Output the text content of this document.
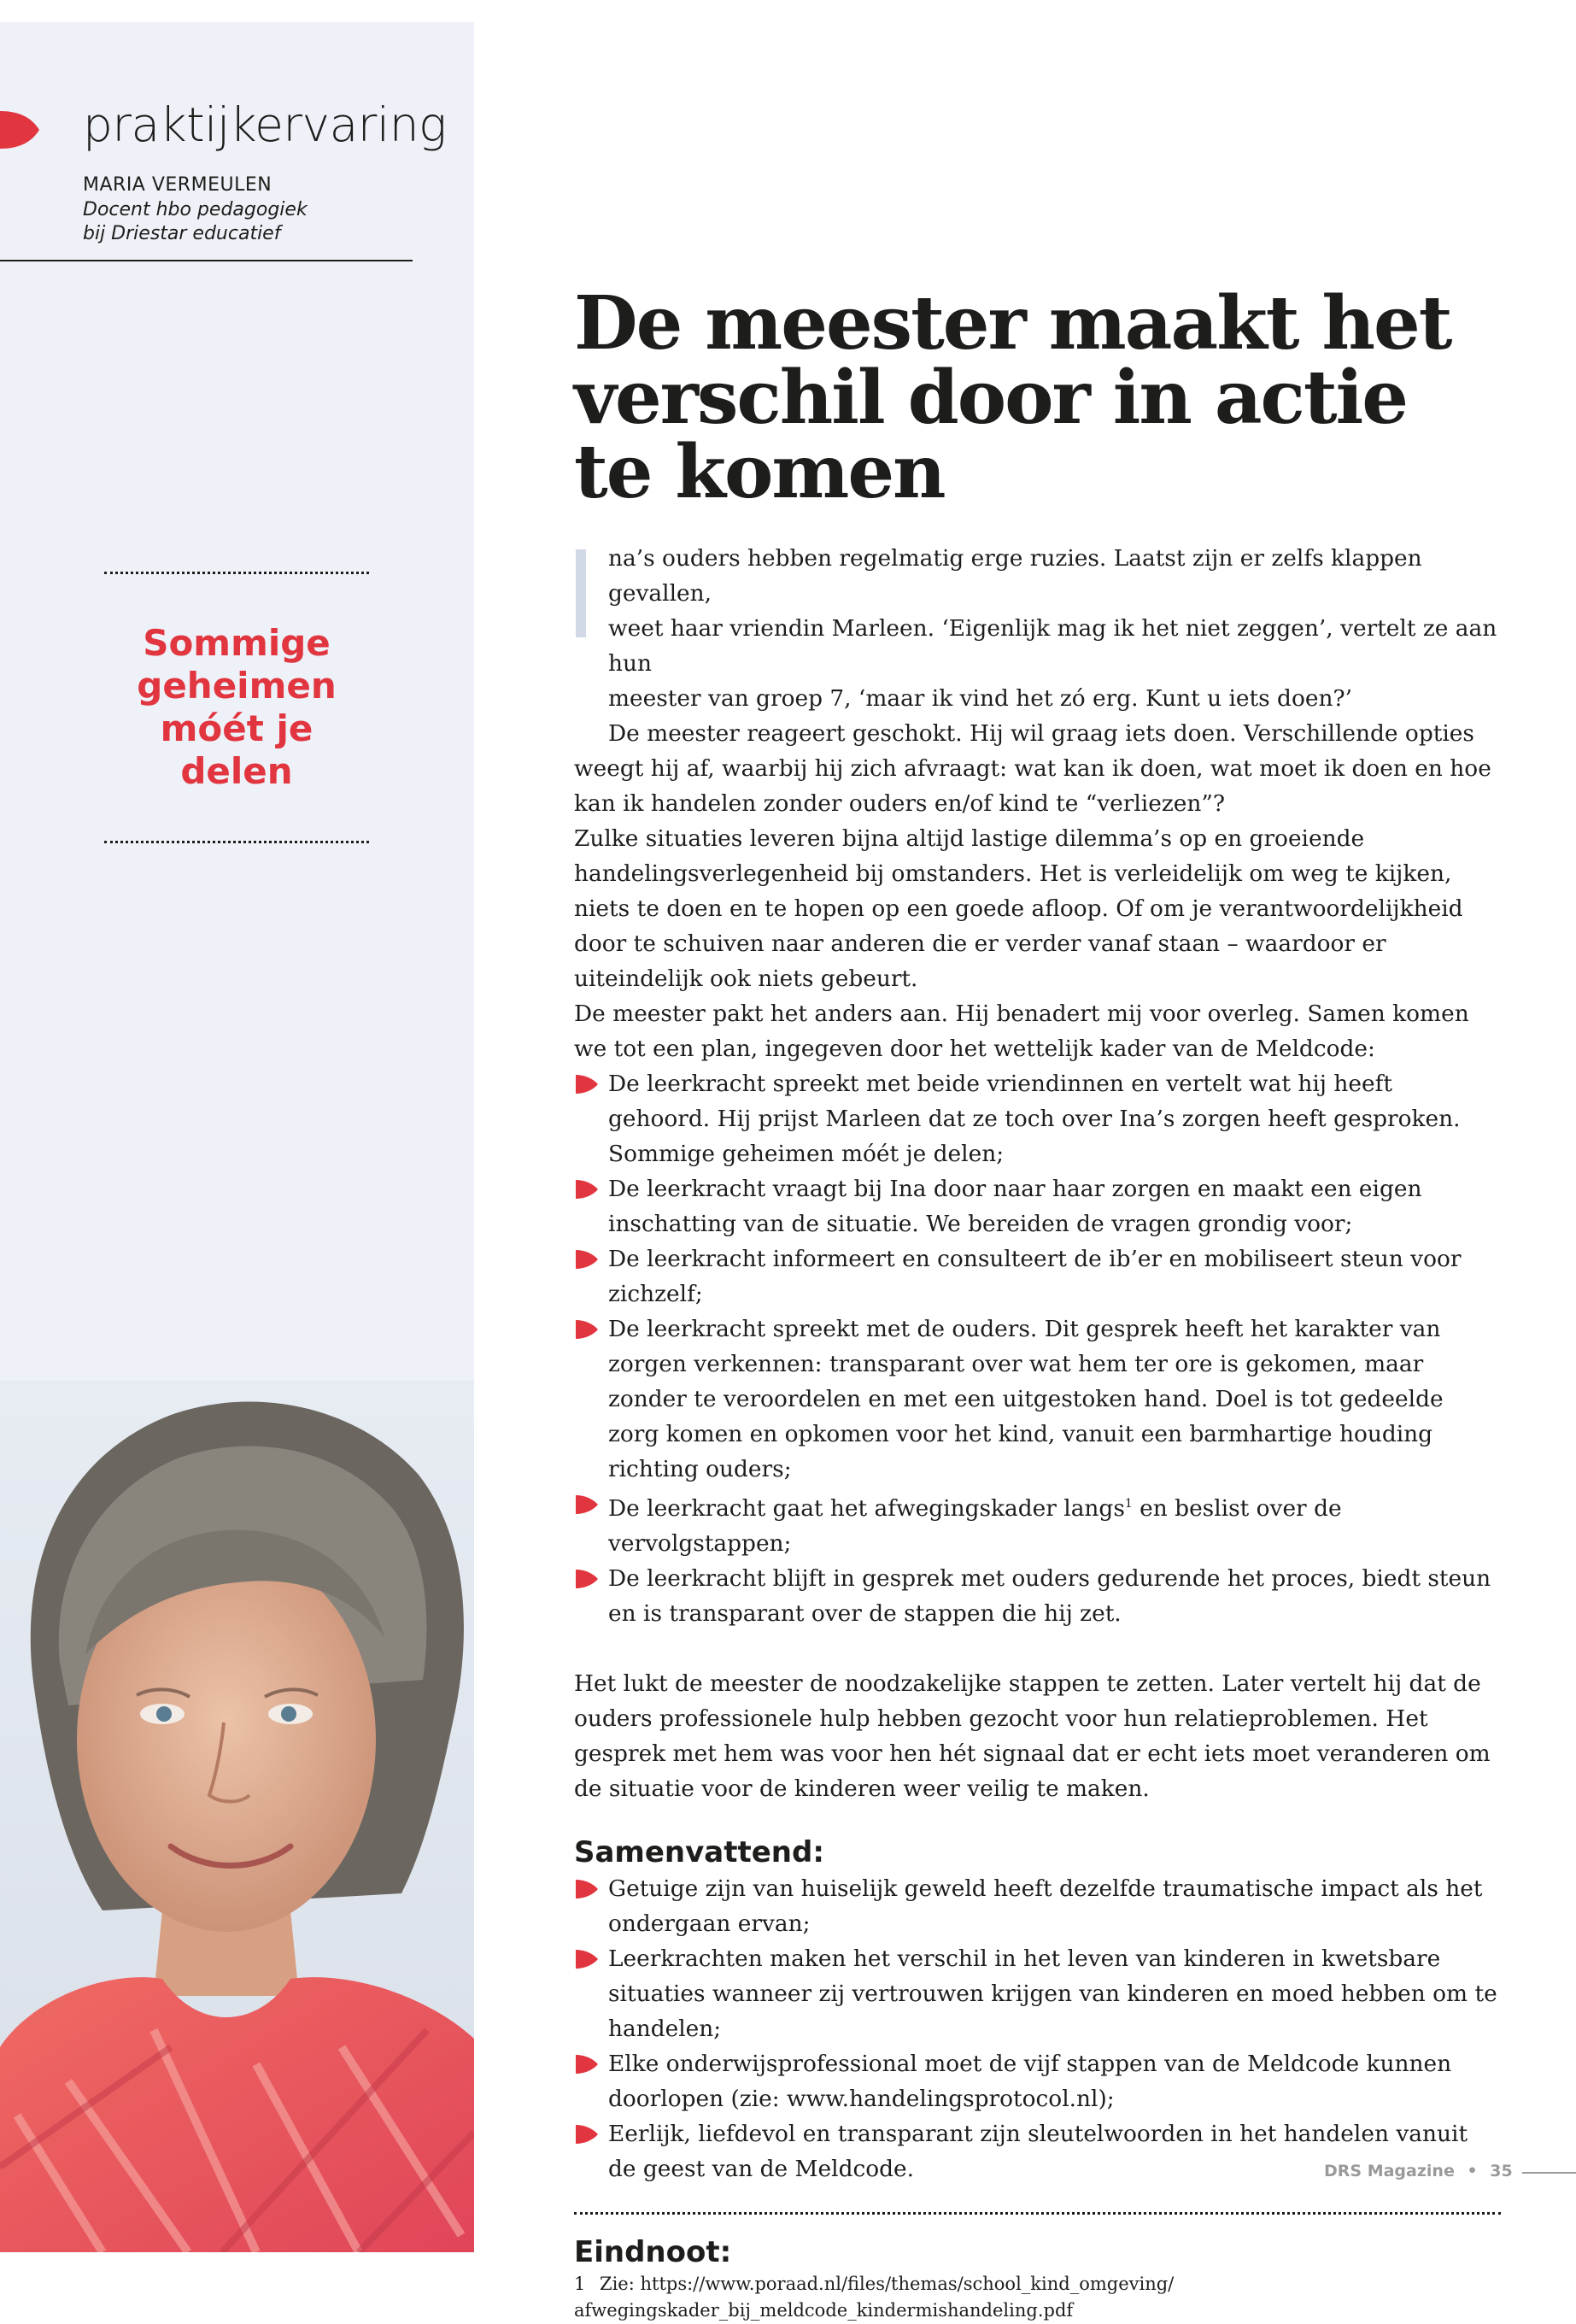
praktijkervaring
MARIA VERMEULEN
Docent hbo pedagogiek
bij Driestar educatief
Sommige
geheimen
móét je
delen
De meester maakt het
verschil door in actie
te komen

na’s ouders hebben regelmatig erge ruzies. Laatst zijn er zelfs klappen gevallen,

weet haar vriendin Marleen. ‘Eigenlijk mag ik het niet zeggen’, vertelt ze aan hun

meester van groep 7, ‘maar ik vind het zó erg. Kunt u iets doen?’

De meester reageert geschokt. Hij wil graag iets doen. Verschillende opties weegt hij af, waarbij hij zich afvraagt: wat kan ik doen, wat moet ik doen en hoe kan ik handelen zonder ouders en/of kind te “verliezen”?

Zulke situaties leveren bijna altijd lastige dilemma’s op en groeiende handelingsverlegenheid bij omstanders. Het is verleidelijk om weg te kijken, niets te doen en te hopen op een goede afloop. Of om je verantwoordelijkheid door te schuiven naar anderen die er verder vanaf staan – waardoor er uiteindelijk ook niets gebeurt.

De meester pakt het anders aan. Hij benadert mij voor overleg. Samen komen we tot een plan, ingegeven door het wettelijk kader van de Meldcode:

De leerkracht spreekt met beide vriendinnen en vertelt wat hij heeft gehoord. Hij prijst Marleen dat ze toch over Ina’s zorgen heeft gesproken. Sommige geheimen móét je delen;
De leerkracht vraagt bij Ina door naar haar zorgen en maakt een eigen inschatting van de situatie. We bereiden de vragen grondig voor;
De leerkracht informeert en consulteert de ib’er en mobiliseert steun voor zichzelf;
De leerkracht spreekt met de ouders. Dit gesprek heeft het karakter van zorgen verkennen: transparant over wat hem ter ore is gekomen, maar zonder te veroordelen en met een uitgestoken hand. Doel is tot gedeelde zorg komen en opkomen voor het kind, vanuit een barmhartige houding richting ouders;
De leerkracht gaat het afwegingskader langs$^1$ en beslist over de vervolgstappen;
De leerkracht blijft in gesprek met ouders gedurende het proces, biedt steun en is transparant over de stappen die hij zet.

Het lukt de meester de noodzakelijke stappen te zetten. Later vertelt hij dat de ouders professionele hulp hebben gezocht voor hun relatieproblemen. Het gesprek met hem was voor hen hét signaal dat er echt iets moet veranderen om de situatie voor de kinderen weer veilig te maken.

Samenvattend:

Getuige zijn van huiselijk geweld heeft dezelfde traumatische impact als het ondergaan ervan;
Leerkrachten maken het verschil in het leven van kinderen in kwetsbare situaties wanneer zij vertrouwen krijgen van kinderen en moed hebben om te handelen;
Elke onderwijsprofessional moet de vijf stappen van de Meldcode kunnen doorlopen (zie: www.handelingsprotocol.nl);
Eerlijk, liefdevol en transparant zijn sleutelwoorden in het handelen vanuit de geest van de Meldcode.

Eindnoot:

1 Zie: https://www.poraad.nl/files/themas/school_kind_omgeving/
afwegingskader_bij_meldcode_kindermishandeling.pdf
DRS Magazine • 35
